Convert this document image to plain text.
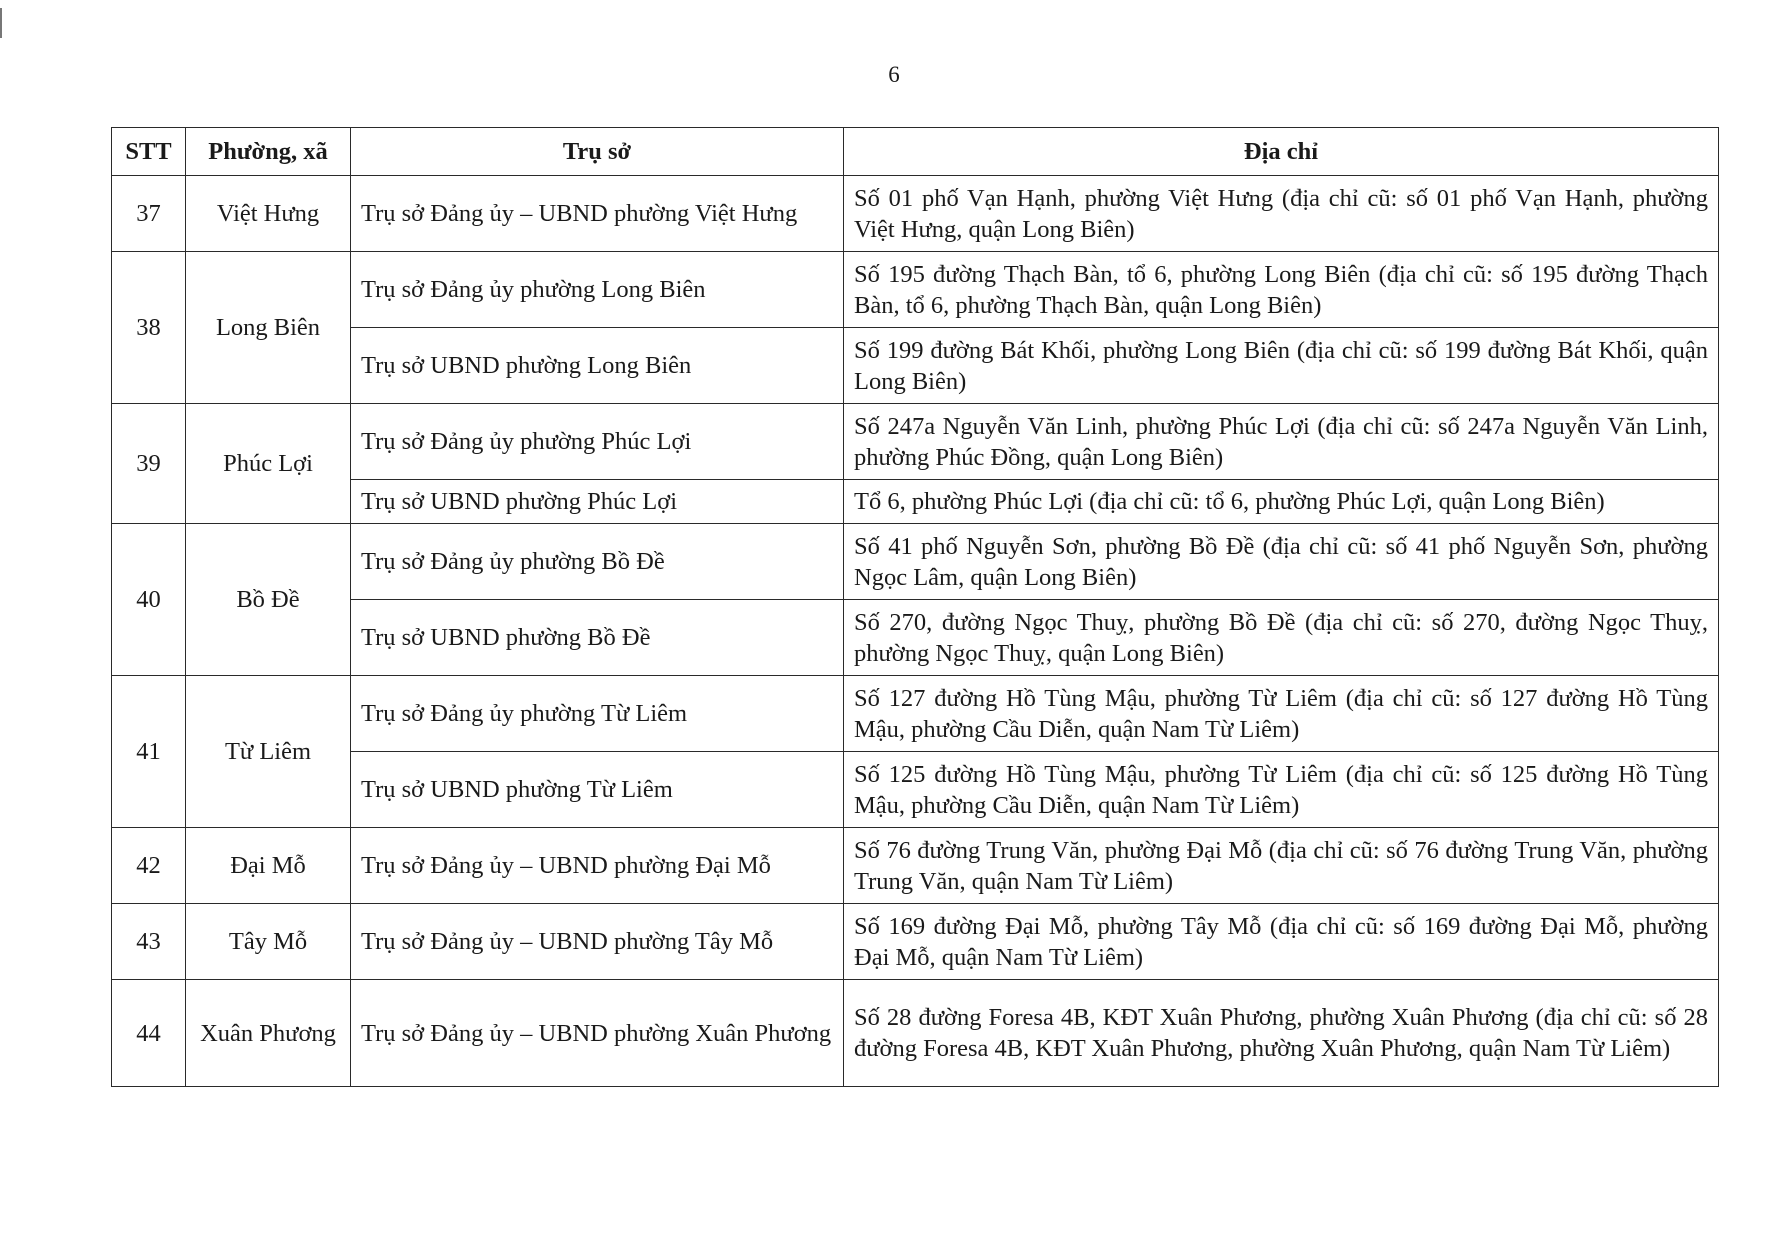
6
STT	Phường, xã	Trụ sở	Địa chỉ
37	Việt Hưng	Trụ sở Đảng ủy – UBND phường Việt Hưng	Số 01 phố Vạn Hạnh, phường Việt Hưng (địa chỉ cũ: số 01 phố Vạn Hạnh, phường Việt Hưng, quận Long Biên)
38	Long Biên	Trụ sở Đảng ủy phường Long Biên	Số 195 đường Thạch Bàn, tổ 6, phường Long Biên (địa chỉ cũ: số 195 đường Thạch Bàn, tổ 6, phường Thạch Bàn, quận Long Biên)
		Trụ sở UBND phường Long Biên	Số 199 đường Bát Khối, phường Long Biên (địa chỉ cũ: số 199 đường Bát Khối, quận Long Biên)
39	Phúc Lợi	Trụ sở Đảng ủy phường Phúc Lợi	Số 247a Nguyễn Văn Linh, phường Phúc Lợi (địa chỉ cũ: số 247a Nguyễn Văn Linh, phường Phúc Đồng, quận Long Biên)
		Trụ sở UBND phường Phúc Lợi	Tổ 6, phường Phúc Lợi (địa chỉ cũ: tổ 6, phường Phúc Lợi, quận Long Biên)
40	Bồ Đề	Trụ sở Đảng ủy phường Bồ Đề	Số 41 phố Nguyễn Sơn, phường Bồ Đề (địa chỉ cũ: số 41 phố Nguyễn Sơn, phường Ngọc Lâm, quận Long Biên)
		Trụ sở UBND phường Bồ Đề	Số 270, đường Ngọc Thuỵ, phường Bồ Đề (địa chỉ cũ: số 270, đường Ngọc Thuỵ, phường Ngọc Thuỵ, quận Long Biên)
41	Từ Liêm	Trụ sở Đảng ủy phường Từ Liêm	Số 127 đường Hồ Tùng Mậu, phường Từ Liêm (địa chỉ cũ: số 127 đường Hồ Tùng Mậu, phường Cầu Diễn, quận Nam Từ Liêm)
		Trụ sở UBND phường Từ Liêm	Số 125 đường Hồ Tùng Mậu, phường Từ Liêm (địa chỉ cũ: số 125 đường Hồ Tùng Mậu, phường Cầu Diễn, quận Nam Từ Liêm)
42	Đại Mỗ	Trụ sở Đảng ủy – UBND phường Đại Mỗ	Số 76 đường Trung Văn, phường Đại Mỗ (địa chỉ cũ: số 76 đường Trung Văn, phường Trung Văn, quận Nam Từ Liêm)
43	Tây Mỗ	Trụ sở Đảng ủy – UBND phường Tây Mỗ	Số 169 đường Đại Mỗ, phường Tây Mỗ (địa chỉ cũ: số 169 đường Đại Mỗ, phường Đại Mỗ, quận Nam Từ Liêm)
44	Xuân Phương	Trụ sở Đảng ủy – UBND phường Xuân Phương	Số 28 đường Foresa 4B, KĐT Xuân Phương, phường Xuân Phương (địa chỉ cũ: số 28 đường Foresa 4B, KĐT Xuân Phương, phường Xuân Phương, quận Nam Từ Liêm)
